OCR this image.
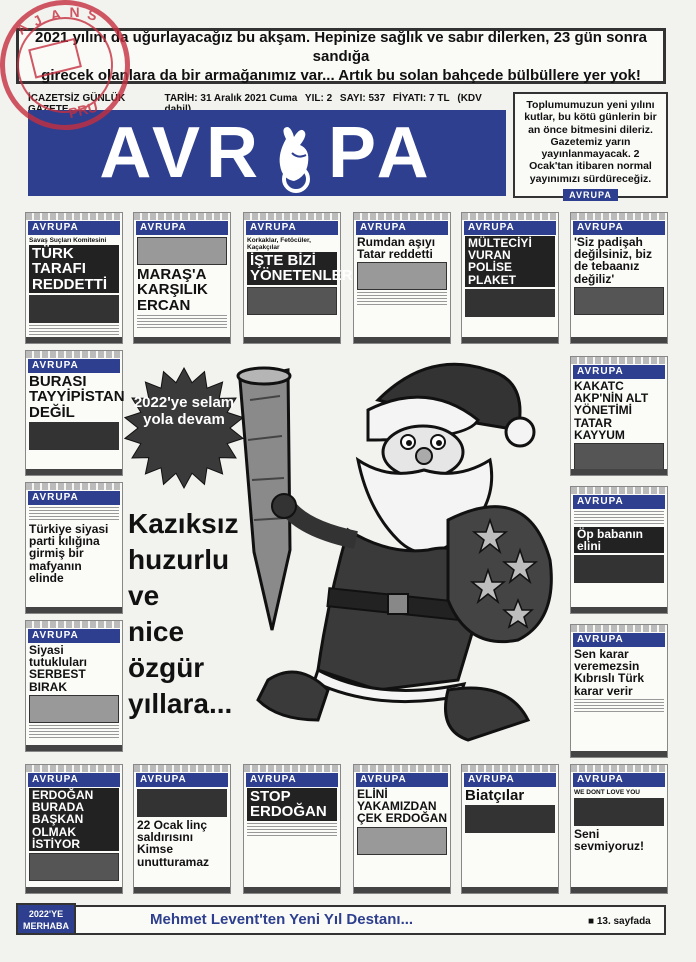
A J A N S
PRU

2021 yılını da uğurlayacağız bu akşam. Hepinize sağlık ve sabır dilerken, 23 gün sonra sandığa

girecek olanlara da bir armağanımız var... Artık bu solan bahçede bülbüllere yer yok!

İCAZETSİZ GÜNLÜK	TARİH: 31 Aralık 2021 Cuma YIL: 2 SAYI: 537 FİYATI: 7 TL (KDV
AVR PA

Toplumumuzun yeni yılını kutlar, bu kötü günlerin bir an önce bitmesini dileriz. Gazetemiz yarın yayınlanmayacak. 2 Ocak'tan itibaren normal yayınımızı sürdüreceğiz.

AVRUPA
AVRUPA
Savaş Suçları Komitesini
TÜRK TARAFI REDDETTİ
AVRUPA
MARAŞ'A KARŞILIK ERCAN
AVRUPA
Korkaklar, Fetöcüler, Kaçakçılar
İŞTE BİZİ YÖNETENLER
AVRUPA
Rumdan aşıyı Tatar reddetti
AVRUPA
MÜLTECİYİ VURAN POLİSE PLAKET
AVRUPA
'Siz padişah değilsiniz, biz de tebaanız değiliz'
AVRUPA
BURASI TAYYİPİSTAN DEĞİL
AVRUPA
Türkiye siyasi parti kılığına girmiş bir mafyanın elinde
AVRUPA
Siyasi tutukluları SERBEST BIRAK
AVRUPA
KAKATC AKP'NİN ALT YÖNETİMİ TATAR KAYYUM
AVRUPA
Öp babanın elini
AVRUPA
Sen karar veremezsin Kıbrıslı Türk karar verir
AVRUPA
ERDOĞAN BURADA BAŞKAN OLMAK İSTİYOR
AVRUPA
22 Ocak linç saldırısını Kimse unutturamaz
AVRUPA
STOP ERDOĞAN
AVRUPA
ELİNİ YAKAMIZDAN ÇEK ERDOĞAN
AVRUPA
Biatçılar
AVRUPA
WE DONT LOVE YOU
Seni sevmiyoruz!
2022'ye selam yola devam
Kazıksız
huzurlu
ve
nice
özgür
yıllara...
2022'YE MERHABA	Mehmet Levent'ten Yeni Yıl Destanı...	■ 13. sayfada
